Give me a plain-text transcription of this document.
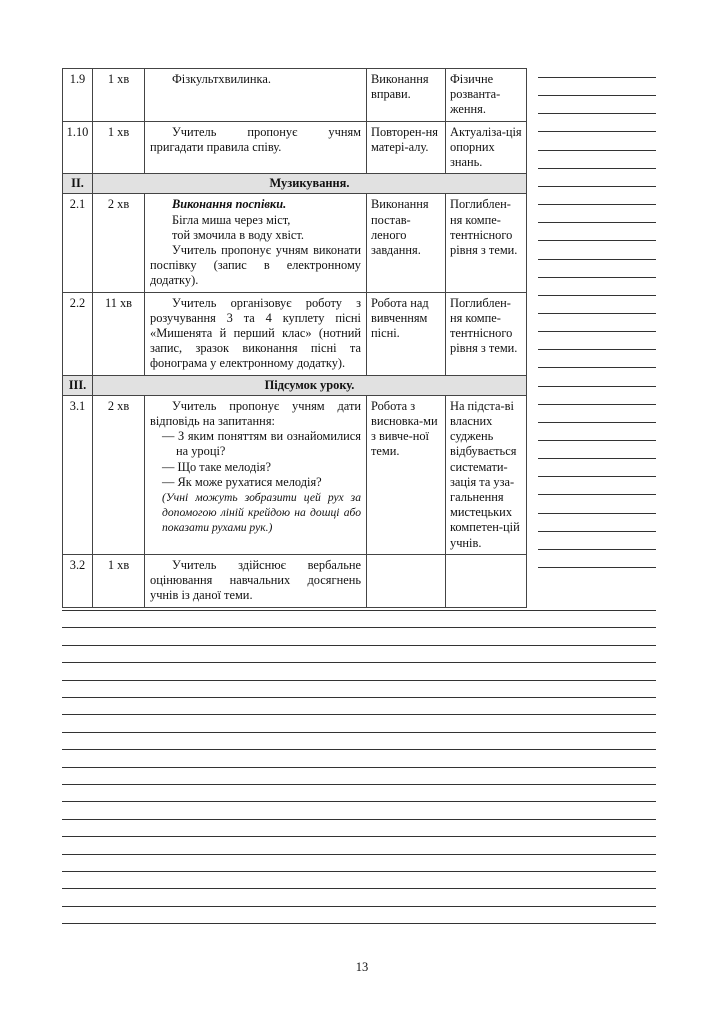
1.9	1 хв	Фізкультхвилинка.	Виконання вправи.	Фізичне розванта-ження.
1.10	1 хв	Учитель пропонує учням пригадати правила співу.	Повторен-ня матері-алу.	Актуаліза-ція опорних знань.
II.	Музикування.			
2.1	2 хв	Виконання поспівки.

Бігла миша через міст,

той змочила в воду хвіст.

Учитель пропонує учням виконати поспівку (запис в електронному додатку).	Виконання постав-леного завдання.	Поглиблен-ня компе-тентнісного рівня з теми.
2.2	11 хв	Учитель організовує роботу з розучування 3 та 4 куплету пісні «Мишенята й перший клас» (нотний запис, зразок виконання пісні та фонограма у електронному додатку).	Робота над вивченням пісні.	Поглиблен-ня компе-тентнісного рівня з теми.
III.	Підсумок уроку.			
3.1	2 хв	Учитель пропонує учням дати відповідь на запитання:

— З яким поняттям ви ознайомилися на уроці?

— Що таке мелодія?

— Як може рухатися мелодія?

(Учні можуть зобразити цей рух за допомогою ліній крейдою на дошці або показати рухами рук.)	Робота з висновка-ми з вивче-ної теми.	На підста-ві власних суджень відбувається системати-зація та уза-гальнення мистецьких компетен-цій учнів.
3.2	1 хв	Учитель здійснює вербальне оцінювання навчальних досягнень учнів із даної теми.		

13
